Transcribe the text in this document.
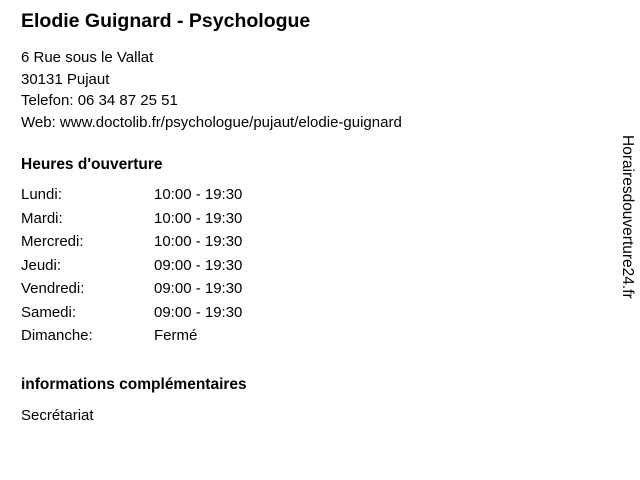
Elodie Guignard - Psychologue
6 Rue sous le Vallat
30131 Pujaut
Telefon: 06 34 87 25 51
Web: www.doctolib.fr/psychologue/pujaut/elodie-guignard
Heures d'ouverture
Lundi:	10:00 - 19:30
Mardi:	10:00 - 19:30
Mercredi:	10:00 - 19:30
Jeudi:	09:00 - 19:30
Vendredi:	09:00 - 19:30
Samedi:	09:00 - 19:30
Dimanche:	Fermé
informations complémentaires
Secrétariat
Horairesdouverture24.fr
